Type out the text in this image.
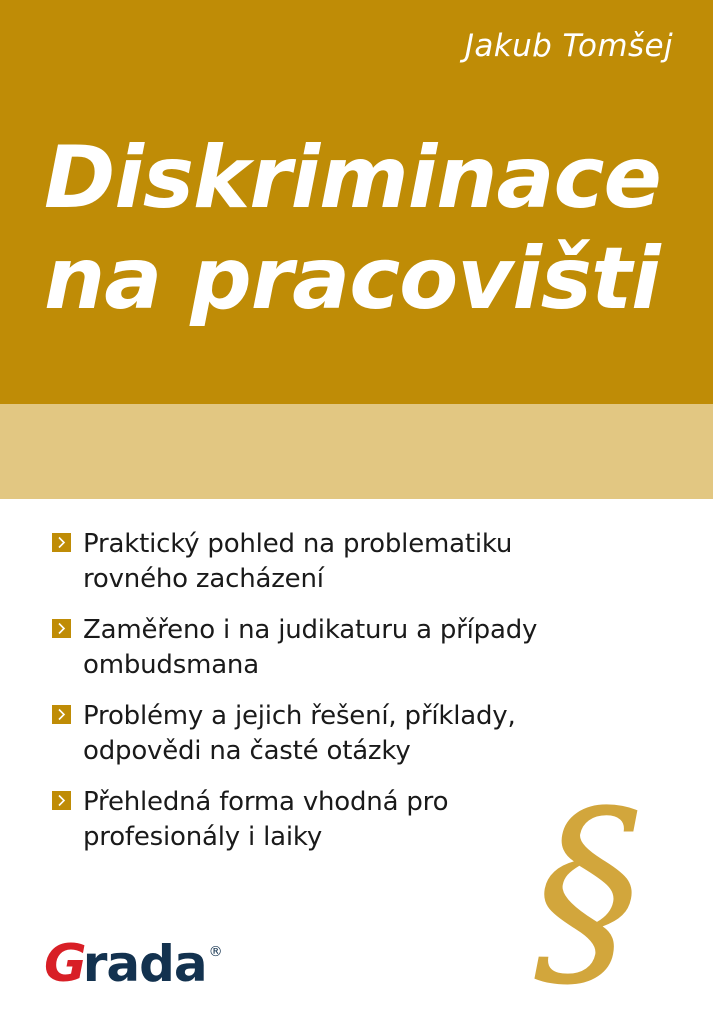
Jakub Tomšej
Diskriminace
na pracovišti
Praktický pohled na problematiku rovného zacházení
Zaměřeno i na judikaturu a případy ombudsmana
Problémy a jejich řešení, příklady, odpovědi na časté otázky
Přehledná forma vhodná pro profesionály i laiky §
G
rada ®
